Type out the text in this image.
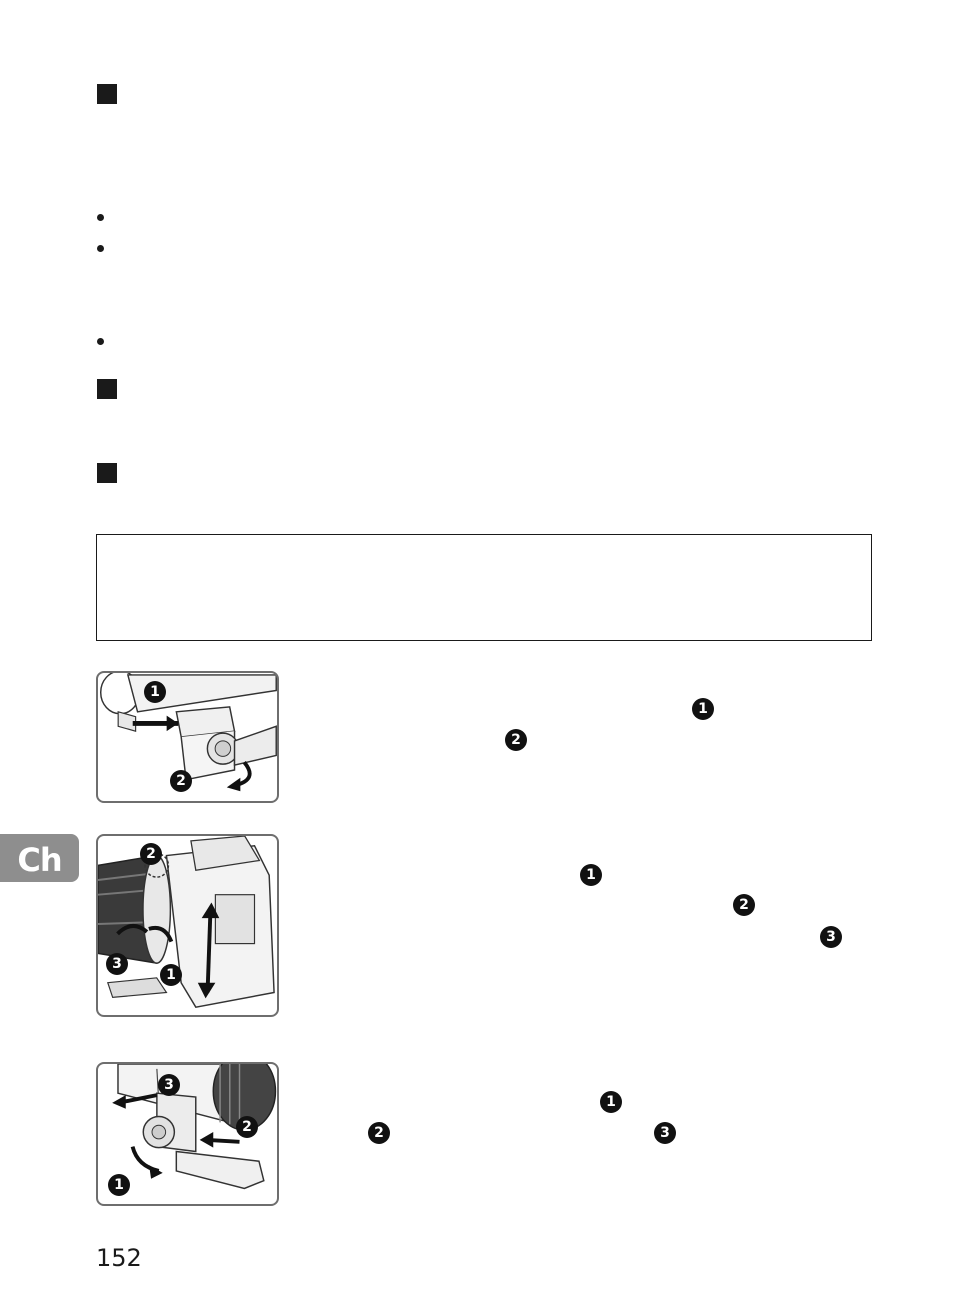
1
2
2
3
1
3
2
1
1
2
1
2
3
1
2	3
Ch
152
